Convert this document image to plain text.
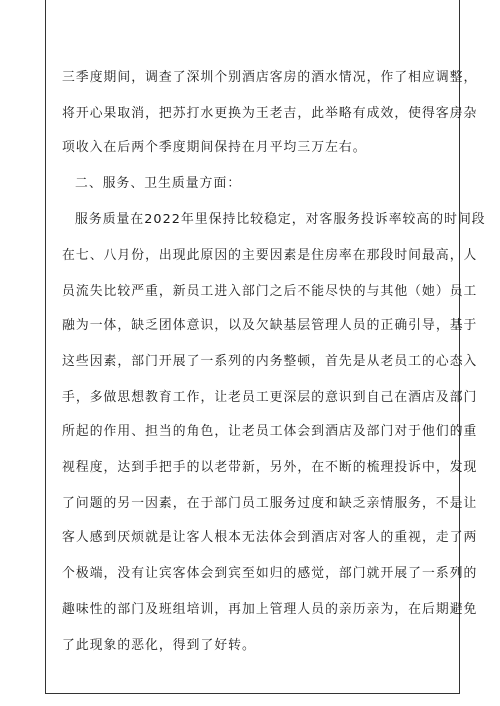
三季度期间，调查了深圳个别酒店客房的酒水情况，作了相应调整，
将开心果取消，把苏打水更换为王老吉，此举略有成效，使得客房杂
项收入在后两个季度期间保持在月平均三万左右。
二、服务、卫生质量方面：
服务质量在2022年里保持比较稳定，对客服务投诉率较高的时间段
在七、八月份，出现此原因的主要因素是住房率在那段时间最高，人
员流失比较严重，新员工进入部门之后不能尽快的与其他（她）员工
融为一体，缺乏团体意识，以及欠缺基层管理人员的正确引导，基于
这些因素，部门开展了一系列的内务整顿，首先是从老员工的心态入
手，多做思想教育工作，让老员工更深层的意识到自己在酒店及部门
所起的作用、担当的角色，让老员工体会到酒店及部门对于他们的重
视程度，达到手把手的以老带新，另外，在不断的梳理投诉中，发现
了问题的另一因素，在于部门员工服务过度和缺乏亲情服务，不是让
客人感到厌烦就是让客人根本无法体会到酒店对客人的重视，走了两
个极端，没有让宾客体会到宾至如归的感觉，部门就开展了一系列的
趣味性的部门及班组培训，再加上管理人员的亲历亲为，在后期避免
了此现象的恶化，得到了好转。
